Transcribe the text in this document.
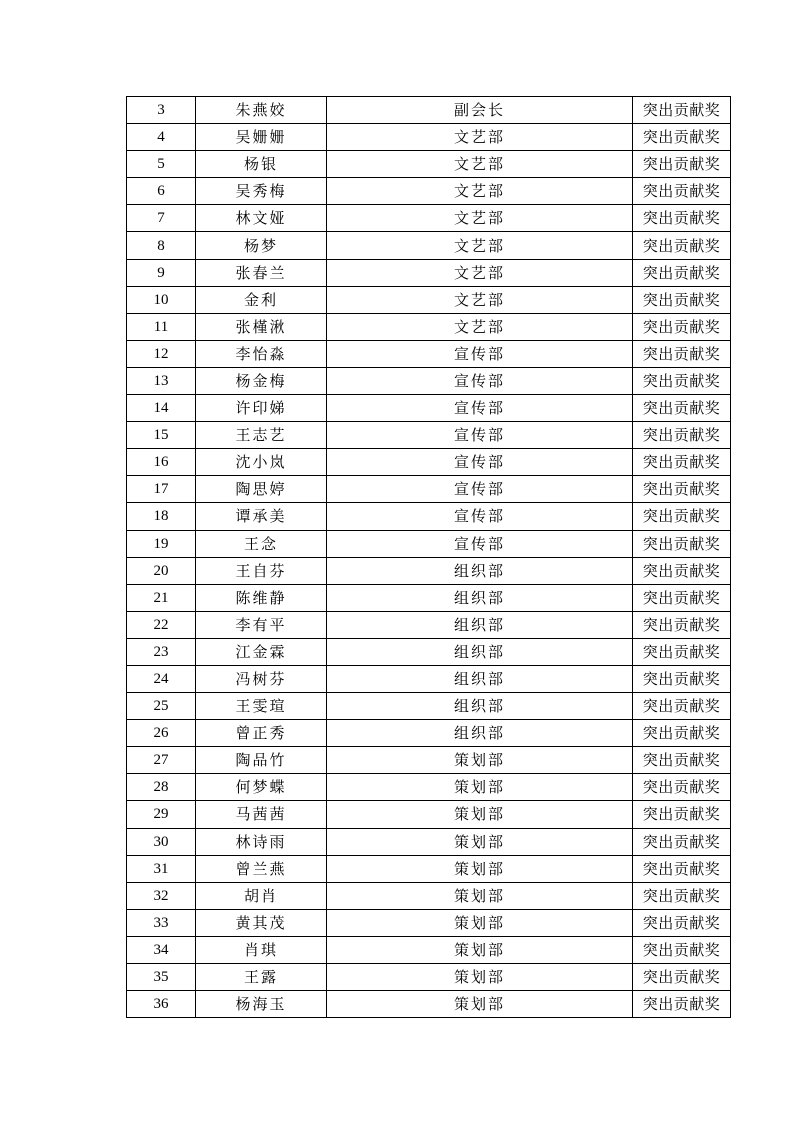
3	朱燕姣	副会长	突出贡献奖
4	吴姗姗	文艺部	突出贡献奖
5	杨银	文艺部	突出贡献奖
6	吴秀梅	文艺部	突出贡献奖
7	林文娅	文艺部	突出贡献奖
8	杨梦	文艺部	突出贡献奖
9	张春兰	文艺部	突出贡献奖
10	金利	文艺部	突出贡献奖
11	张槿湫	文艺部	突出贡献奖
12	李怡淼	宣传部	突出贡献奖
13	杨金梅	宣传部	突出贡献奖
14	许印娣	宣传部	突出贡献奖
15	王志艺	宣传部	突出贡献奖
16	沈小岚	宣传部	突出贡献奖
17	陶思婷	宣传部	突出贡献奖
18	谭承美	宣传部	突出贡献奖
19	王念	宣传部	突出贡献奖
20	王自芬	组织部	突出贡献奖
21	陈维静	组织部	突出贡献奖
22	李有平	组织部	突出贡献奖
23	江金霖	组织部	突出贡献奖
24	冯树芬	组织部	突出贡献奖
25	王雯瑄	组织部	突出贡献奖
26	曾正秀	组织部	突出贡献奖
27	陶品竹	策划部	突出贡献奖
28	何梦蝶	策划部	突出贡献奖
29	马茜茜	策划部	突出贡献奖
30	林诗雨	策划部	突出贡献奖
31	曾兰燕	策划部	突出贡献奖
32	胡肖	策划部	突出贡献奖
33	黄其茂	策划部	突出贡献奖
34	肖琪	策划部	突出贡献奖
35	王露	策划部	突出贡献奖
36	杨海玉	策划部	突出贡献奖
